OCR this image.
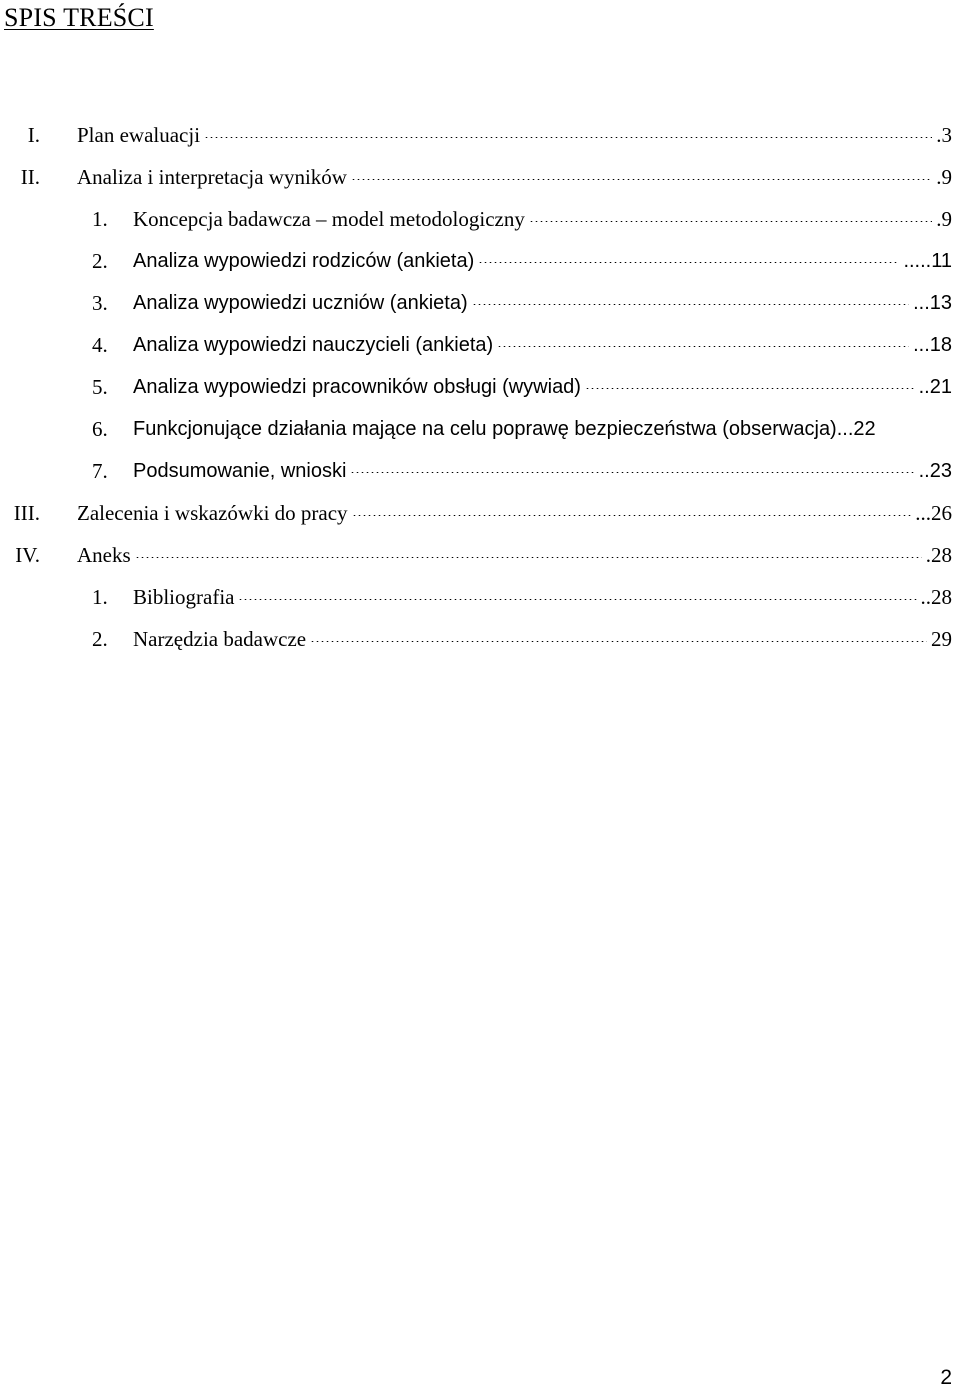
SPIS TREŚCI
I. Plan ewaluacji	. 3
II. Analiza i interpretacja wyników	. 9
1. Koncepcja badawcza – model metodologiczny	. 9
2. Analiza wypowiedzi rodziców (ankieta)	..... 11
3. Analiza wypowiedzi uczniów (ankieta)	... 13
4. Analiza wypowiedzi nauczycieli (ankieta)	... 18
5. Analiza wypowiedzi pracowników obsługi (wywiad)	.. 21
6. Funkcjonujące działania mające na celu poprawę bezpieczeństwa (obserwacja) ... 22
7. Podsumowanie, wnioski	.. 23
III. Zalecenia i wskazówki do pracy	... 26
IV. Aneks	. 28
1. Bibliografia	.. 28
2. Narzędzia badawcze	29
2
